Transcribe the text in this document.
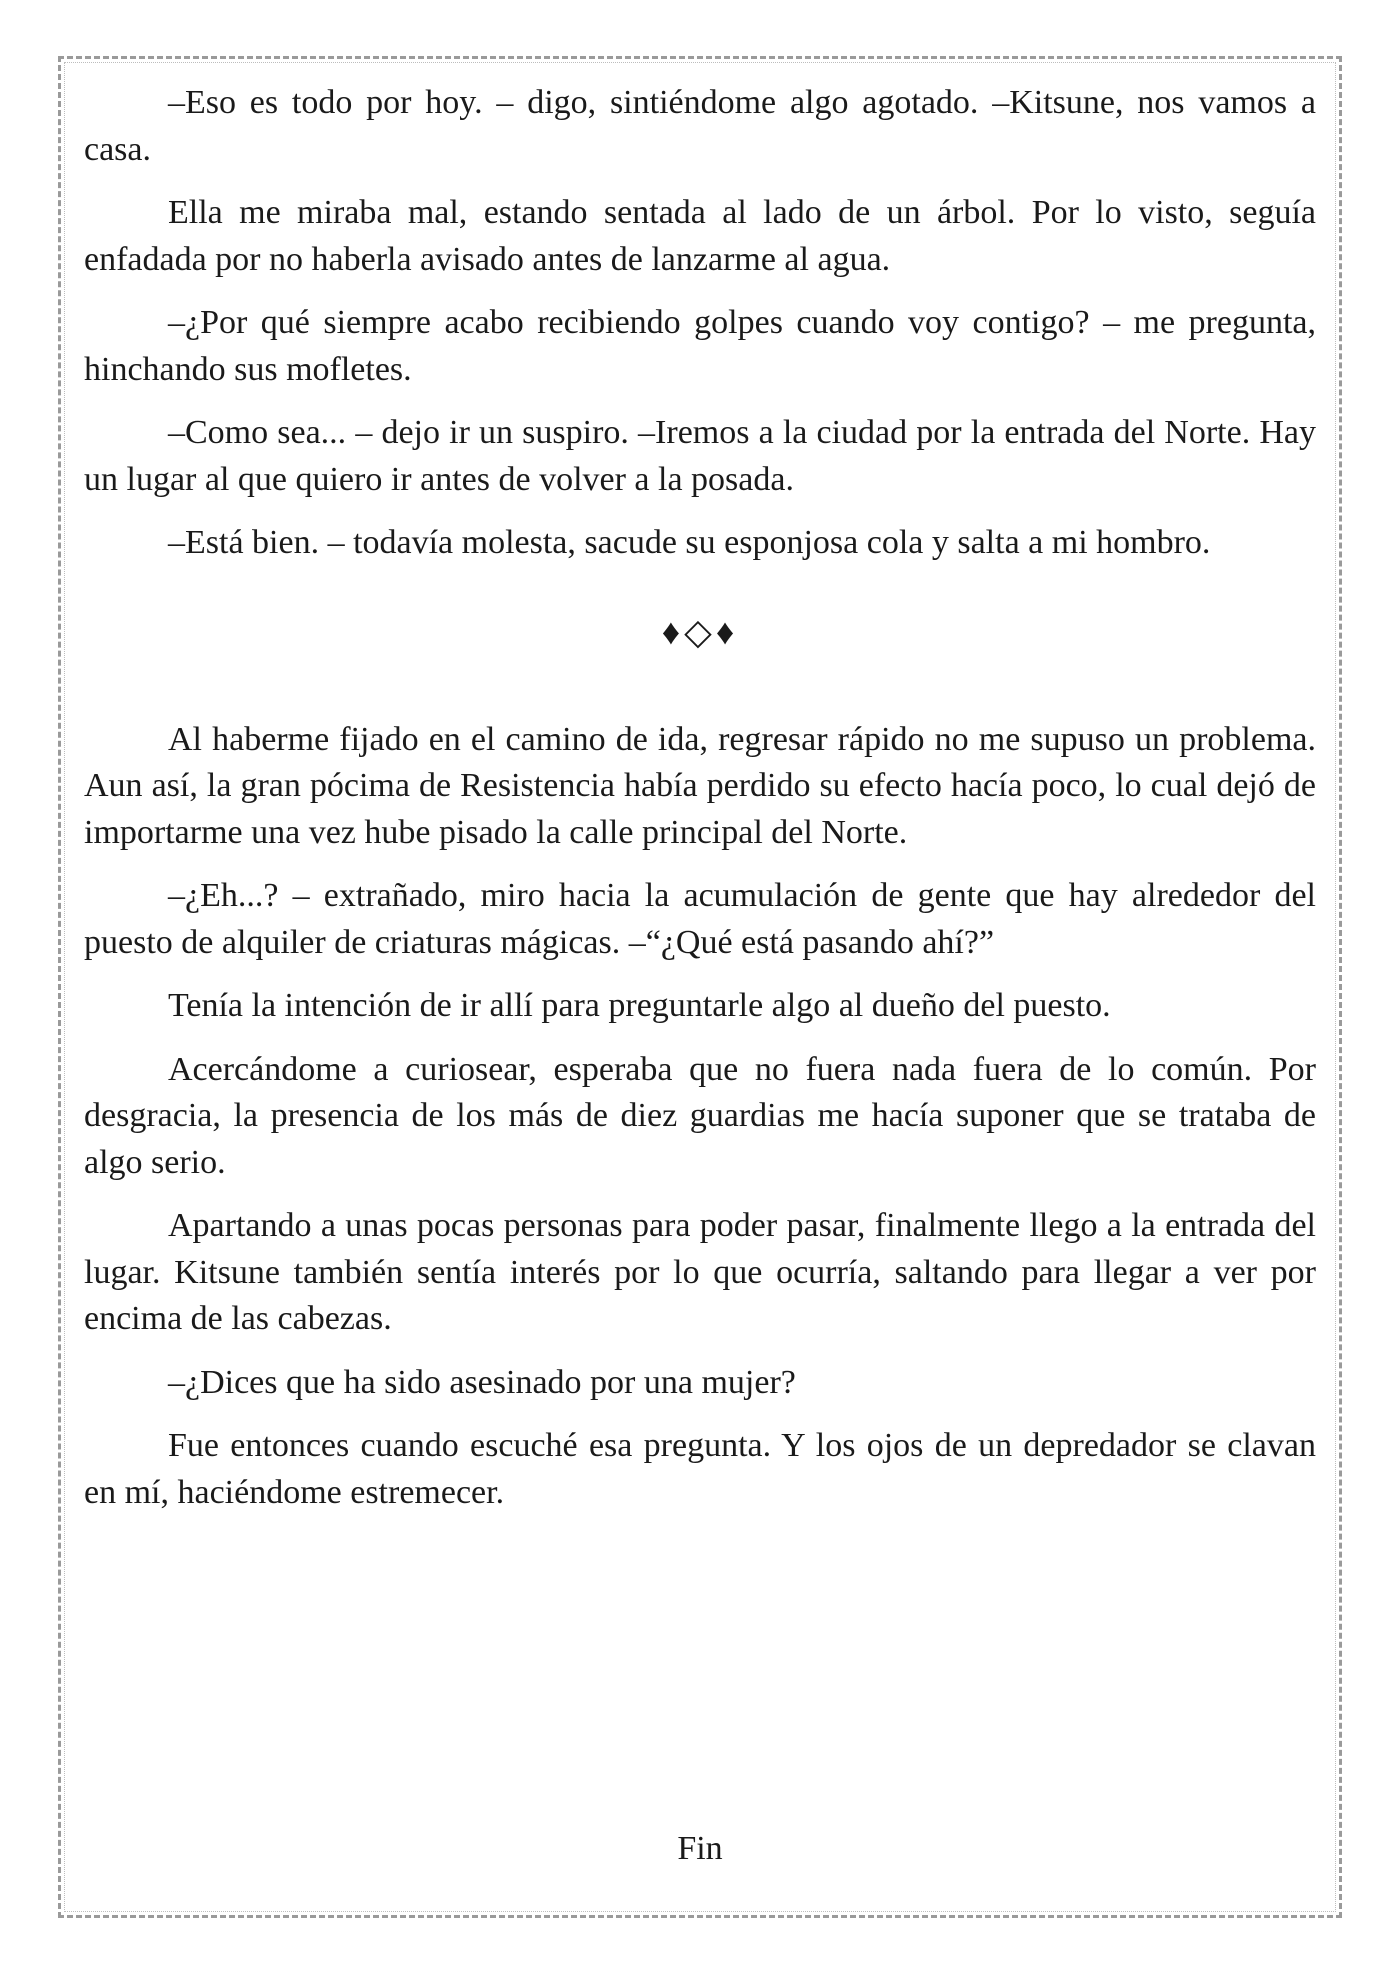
–Eso es todo por hoy. – digo, sintiéndome algo agotado. –Kitsune, nos vamos a casa.

Ella me miraba mal, estando sentada al lado de un árbol. Por lo visto, seguía enfadada por no haberla avisado antes de lanzarme al agua.

–¿Por qué siempre acabo recibiendo golpes cuando voy contigo? – me pregunta, hinchando sus mofletes.

–Como sea... – dejo ir un suspiro. –Iremos a la ciudad por la entrada del Norte. Hay un lugar al que quiero ir antes de volver a la posada.

–Está bien. – todavía molesta, sacude su esponjosa cola y salta a mi hombro.

♦◇♦

Al haberme fijado en el camino de ida, regresar rápido no me supuso un problema. Aun así, la gran pócima de Resistencia había perdido su efecto hacía poco, lo cual dejó de importarme una vez hube pisado la calle principal del Norte.

–¿Eh...? – extrañado, miro hacia la acumulación de gente que hay alrededor del puesto de alquiler de criaturas mágicas. –“¿Qué está pasando ahí?”

Tenía la intención de ir allí para preguntarle algo al dueño del puesto.

Acercándome a curiosear, esperaba que no fuera nada fuera de lo común. Por desgracia, la presencia de los más de diez guardias me hacía suponer que se trataba de algo serio.

Apartando a unas pocas personas para poder pasar, finalmente llego a la entrada del lugar. Kitsune también sentía interés por lo que ocurría, saltando para llegar a ver por encima de las cabezas.

–¿Dices que ha sido asesinado por una mujer?

Fue entonces cuando escuché esa pregunta. Y los ojos de un depredador se clavan en mí, haciéndome estremecer.

Fin
